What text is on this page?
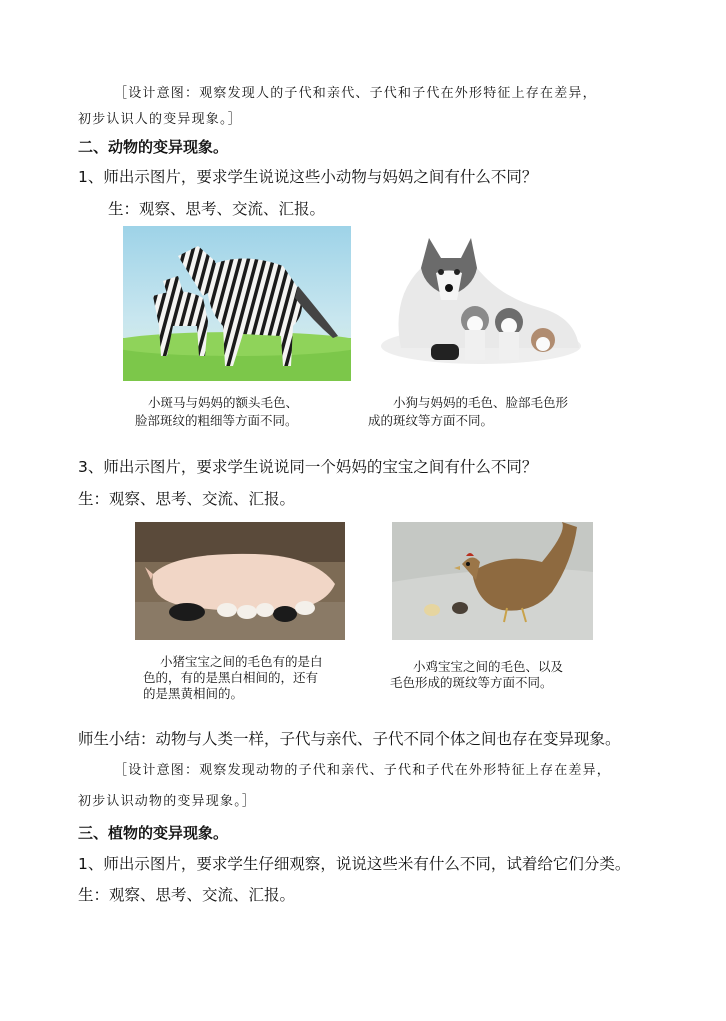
［设计意图：观察发现人的子代和亲代、子代和子代在外形特征上存在差异，
初步认识人的变异现象。］
二、动物的变异现象。
1、师出示图片，要求学生说说这些小动物与妈妈之间有什么不同？
生：观察、思考、交流、汇报。
小斑马与妈妈的额头毛色、
脸部斑纹的粗细等方面不同。
小狗与妈妈的毛色、脸部毛色形
成的斑纹等方面不同。
3、师出示图片，要求学生说说同一个妈妈的宝宝之间有什么不同？
生：观察、思考、交流、汇报。
小猪宝宝之间的毛色有的是白
色的，有的是黑白相间的，还有
的是黑黄相间的。
小鸡宝宝之间的毛色、以及
毛色形成的斑纹等方面不同。
师生小结：动物与人类一样，子代与亲代、子代不同个体之间也存在变异现象。
［设计意图：观察发现动物的子代和亲代、子代和子代在外形特征上存在差异，
初步认识动物的变异现象。］
三、植物的变异现象。
1、师出示图片，要求学生仔细观察，说说这些米有什么不同，试着给它们分类。
生：观察、思考、交流、汇报。
